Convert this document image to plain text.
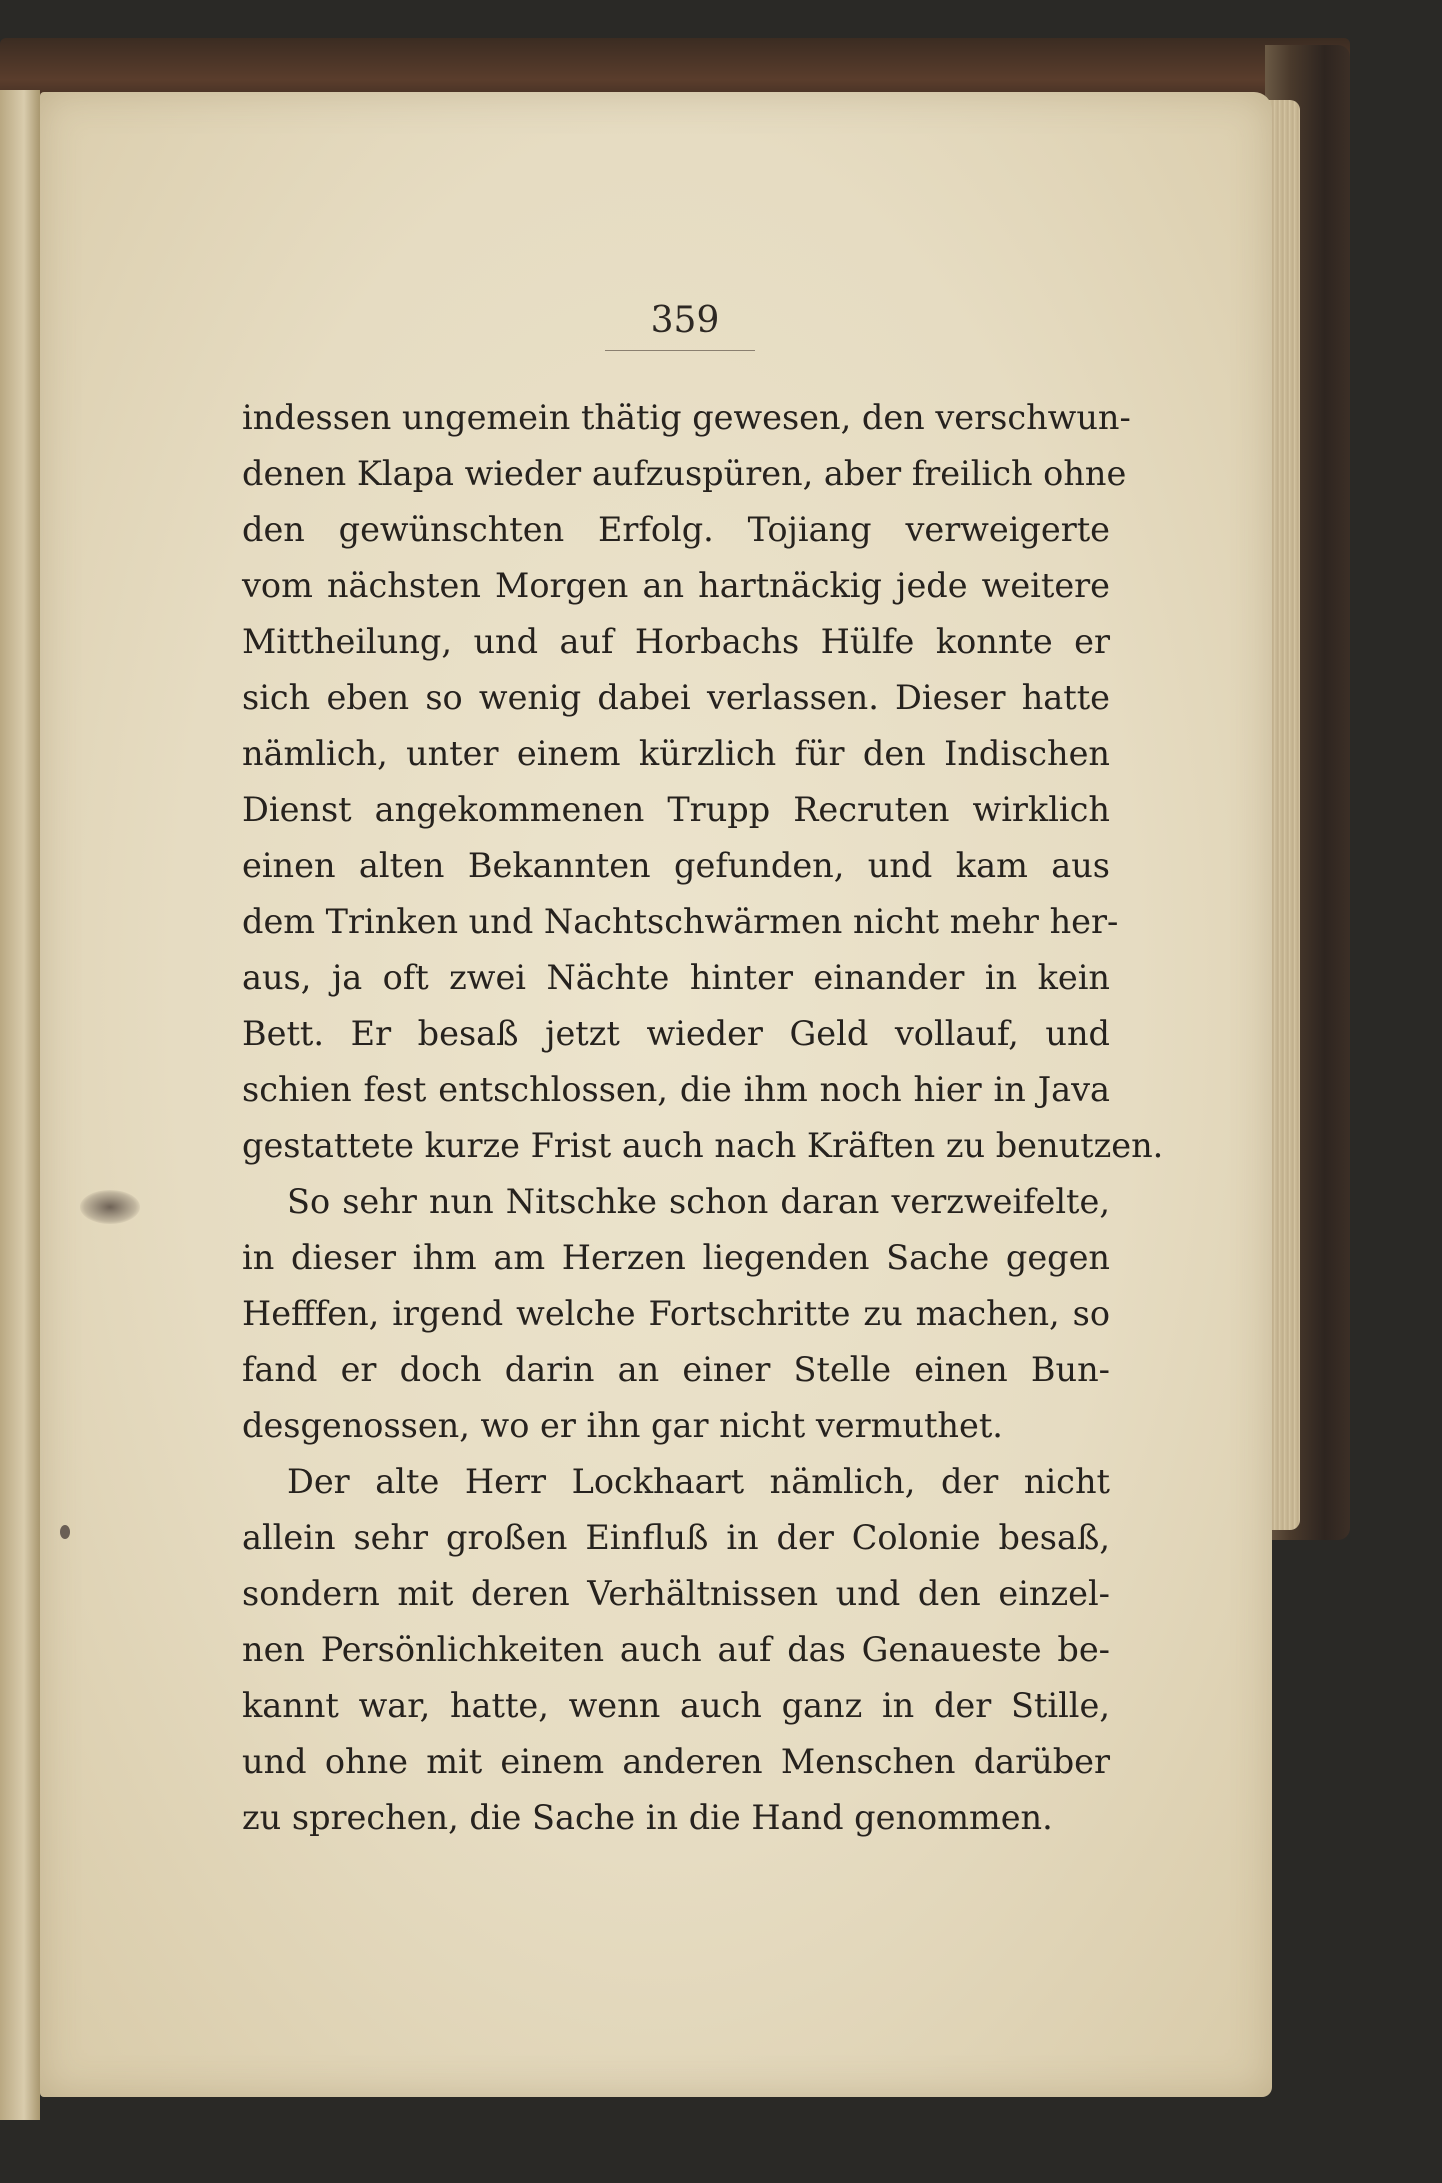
359
indessen ungemein thätig gewesen, den verschwun-
denen Klapa wieder aufzuspüren, aber freilich ohne
den gewünschten Erfolg. Tojiang verweigerte
vom nächsten Morgen an hartnäckig jede weitere
Mittheilung, und auf Horbachs Hülfe konnte er
sich eben so wenig dabei verlassen. Dieser hatte
nämlich, unter einem kürzlich für den Indischen
Dienst angekommenen Trupp Recruten wirklich
einen alten Bekannten gefunden, und kam aus
dem Trinken und Nachtschwärmen nicht mehr her-
aus, ja oft zwei Nächte hinter einander in kein
Bett. Er besaß jetzt wieder Geld vollauf, und
schien fest entschlossen, die ihm noch hier in Java
gestattete kurze Frist auch nach Kräften zu benutzen.
So sehr nun Nitschke schon daran verzweifelte,
in dieser ihm am Herzen liegenden Sache gegen
Hefffen, irgend welche Fortschritte zu machen, so
fand er doch darin an einer Stelle einen Bun-
desgenossen, wo er ihn gar nicht vermuthet.
Der alte Herr Lockhaart nämlich, der nicht
allein sehr großen Einfluß in der Colonie besaß,
sondern mit deren Verhältnissen und den einzel-
nen Persönlichkeiten auch auf das Genaueste be-
kannt war, hatte, wenn auch ganz in der Stille,
und ohne mit einem anderen Menschen darüber
zu sprechen, die Sache in die Hand genommen.
